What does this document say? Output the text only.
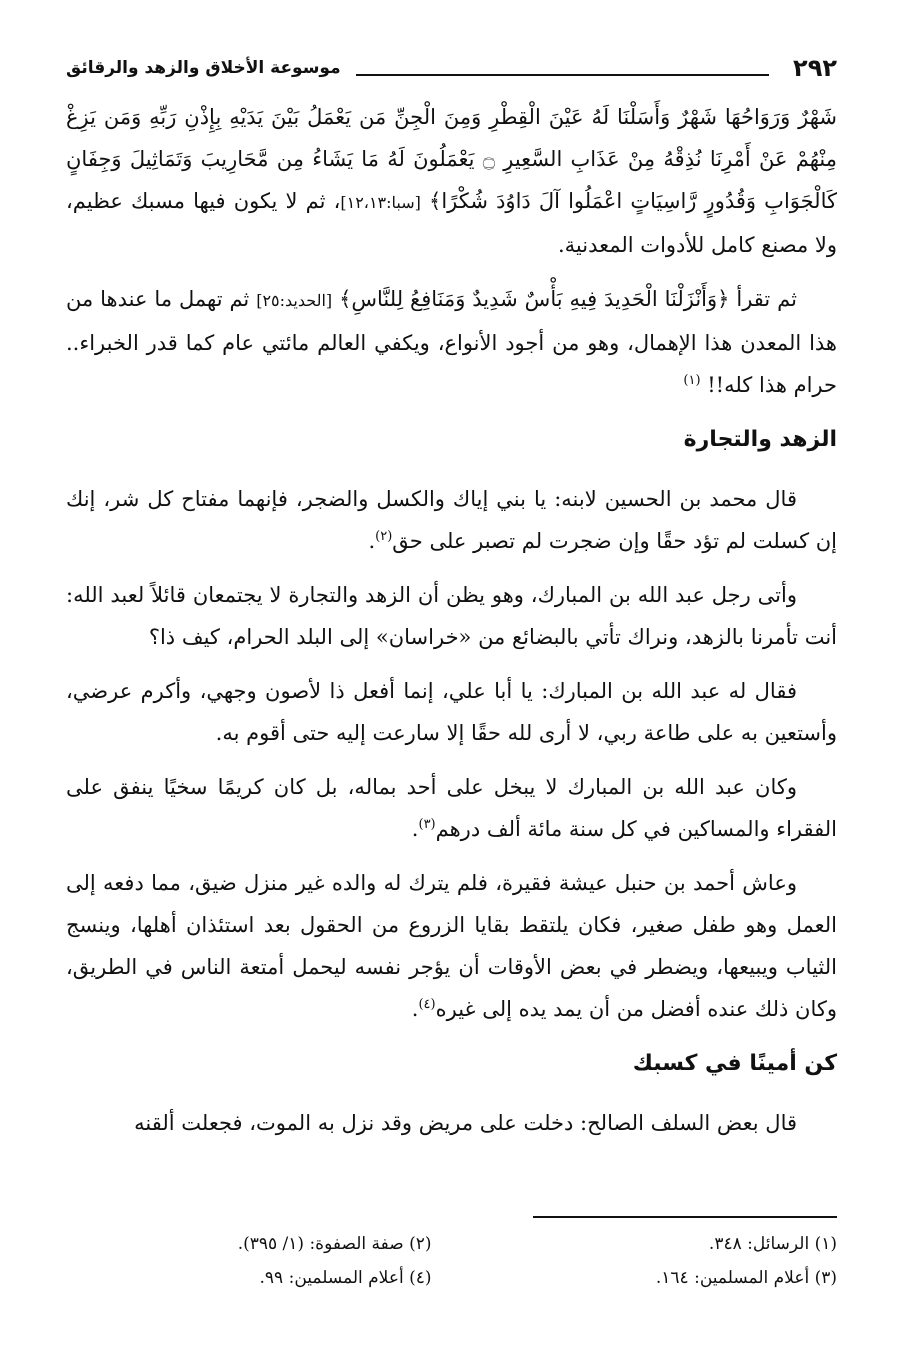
٢٩٢
موسوعة الأخلاق والزهد والرقائق

شَهْرٌ وَرَوَاحُهَا شَهْرٌ وَأَسَلْنَا لَهُ عَيْنَ الْقِطْرِ وَمِنَ الْجِنِّ مَن يَعْمَلُ بَيْنَ يَدَيْهِ بِإِذْنِ رَبِّهِ وَمَن يَزِغْ مِنْهُمْ عَنْ أَمْرِنَا نُذِقْهُ مِنْ عَذَابِ السَّعِيرِ ۝ يَعْمَلُونَ لَهُ مَا يَشَاءُ مِن مَّحَارِيبَ وَتَمَاثِيلَ وَجِفَانٍ كَالْجَوَابِ وَقُدُورٍ رَّاسِيَاتٍ اعْمَلُوا آلَ دَاوُدَ شُكْرًا﴾ [سبا:١٢،١٣]، ثم لا يكون فيها مسبك عظيم، ولا مصنع كامل للأدوات المعدنية.

ثم تقرأ ﴿وَأَنْزَلْنَا الْحَدِيدَ فِيهِ بَأْسٌ شَدِيدٌ وَمَنَافِعُ لِلنَّاسِ﴾ [الحديد:٢٥] ثم تهمل ما عندها من هذا المعدن هذا الإهمال، وهو من أجود الأنواع، ويكفي العالم مائتي عام كما قدر الخبراء.. حرام هذا كله!! $^{(١)}$

الزهد والتجارة

قال محمد بن الحسين لابنه: يا بني إياك والكسل والضجر، فإنهما مفتاح كل شر، إنك إن كسلت لم تؤد حقًا وإن ضجرت لم تصبر على حق$^{(٢)}$.

وأتى رجل عبد الله بن المبارك، وهو يظن أن الزهد والتجارة لا يجتمعان قائلاً لعبد الله: أنت تأمرنا بالزهد، ونراك تأتي بالبضائع من «خراسان» إلى البلد الحرام، كيف ذا؟

فقال له عبد الله بن المبارك: يا أبا علي، إنما أفعل ذا لأصون وجهي، وأكرم عرضي، وأستعين به على طاعة ربي، لا أرى لله حقًا إلا سارعت إليه حتى أقوم به.

وكان عبد الله بن المبارك لا يبخل على أحد بماله، بل كان كريمًا سخيًا ينفق على الفقراء والمساكين في كل سنة مائة ألف درهم$^{(٣)}$.

وعاش أحمد بن حنبل عيشة فقيرة، فلم يترك له والده غير منزل ضيق، مما دفعه إلى العمل وهو طفل صغير، فكان يلتقط بقايا الزروع من الحقول بعد استئذان أهلها، وينسج الثياب ويبيعها، ويضطر في بعض الأوقات أن يؤجر نفسه ليحمل أمتعة الناس في الطريق، وكان ذلك عنده أفضل من أن يمد يده إلى غيره$^{(٤)}$.

كن أمينًا في كسبك

قال بعض السلف الصالح: دخلت على مريض وقد نزل به الموت، فجعلت ألقنه

(١) الرسائل: ٣٤٨.
(٢) صفة الصفوة: (١/ ٣٩٥).
(٣) أعلام المسلمين: ١٦٤.
(٤) أعلام المسلمين: ٩٩.
